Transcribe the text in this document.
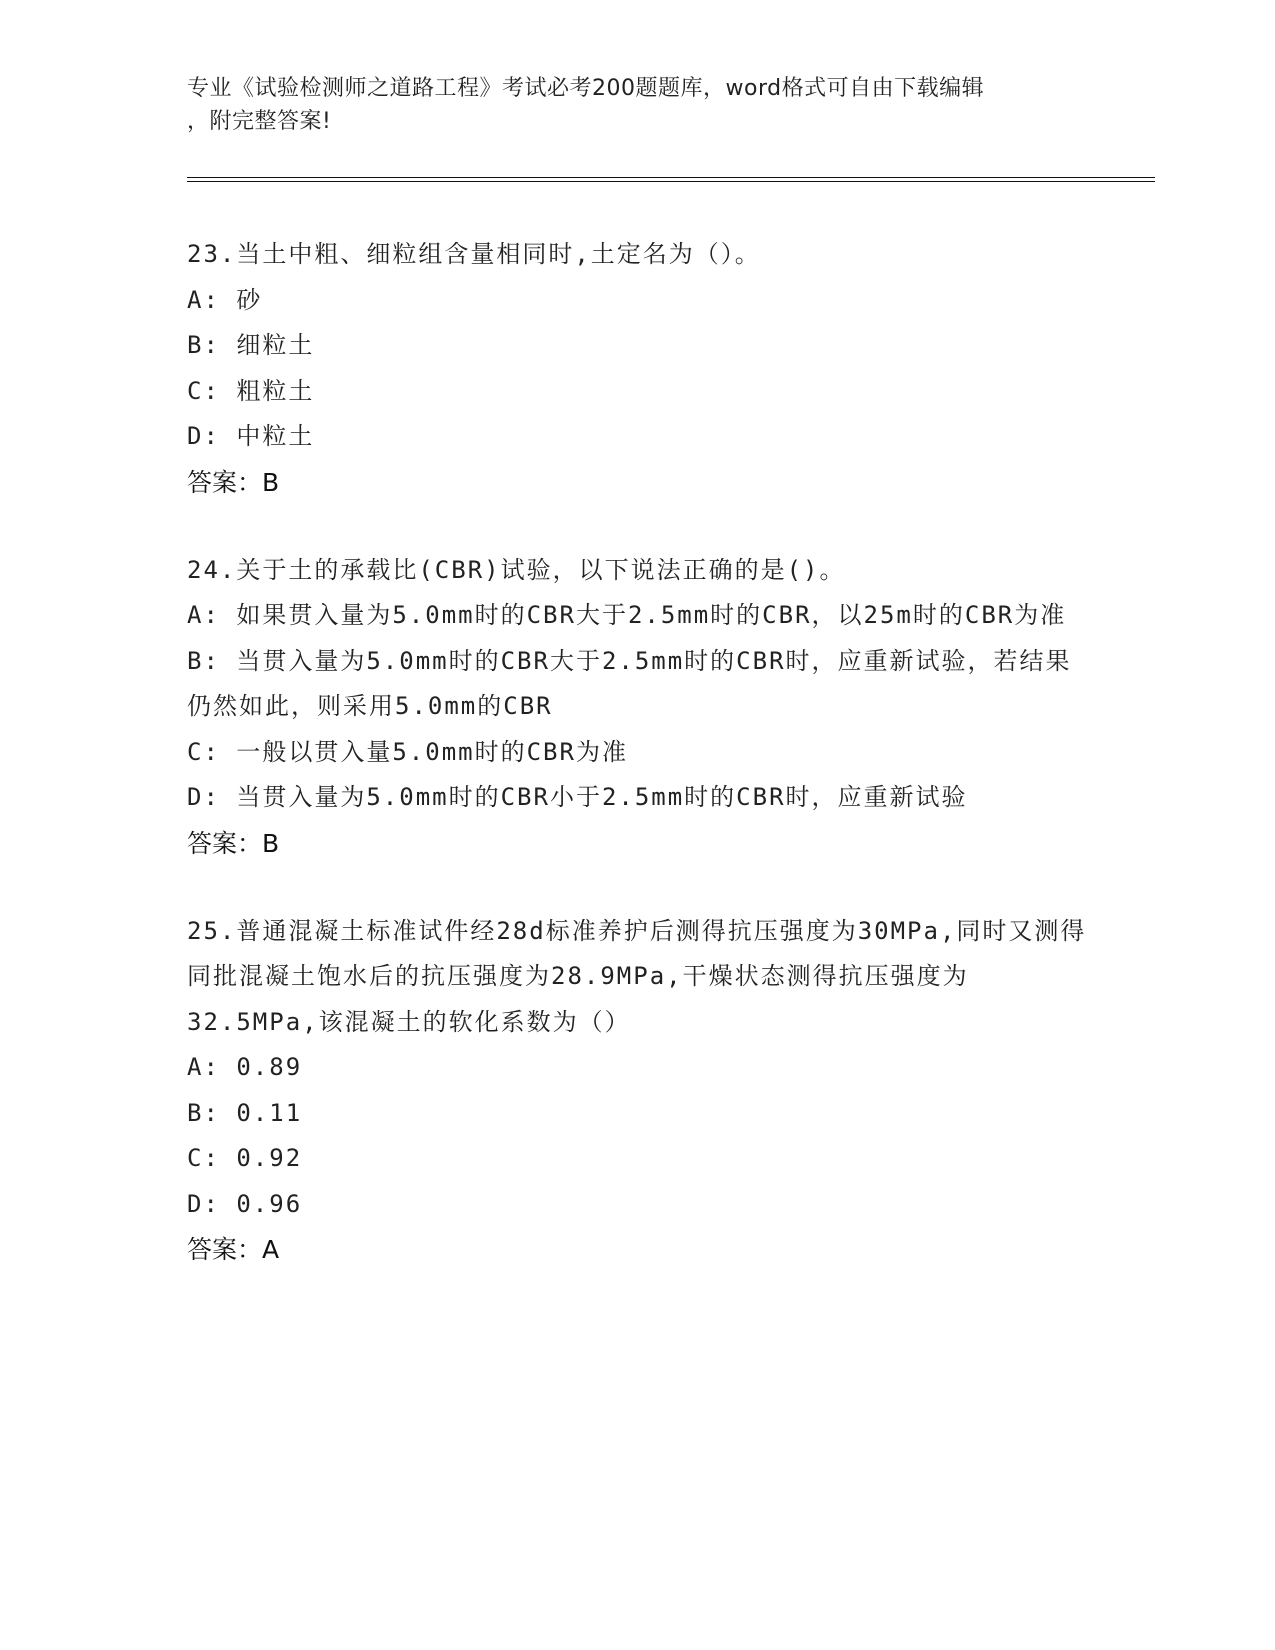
专业《试验检测师之道路工程》考试必考200题题库，word格式可自由下载编辑
，附完整答案!

23.当土中粗、细粒组含量相同时,土定名为（）。

A: 砂

B: 细粒土

C: 粗粒土

D: 中粒土

答案：B

24.关于土的承载比(CBR)试验，以下说法正确的是()。

A: 如果贯入量为5.0mm时的CBR大于2.5mm时的CBR，以25m时的CBR为准

B: 当贯入量为5.0mm时的CBR大于2.5mm时的CBR时，应重新试验，若结果仍然如此，则采用5.0mm的CBR

C: 一般以贯入量5.0mm时的CBR为准

D: 当贯入量为5.0mm时的CBR小于2.5mm时的CBR时，应重新试验

答案：B

25.普通混凝土标准试件经28d标准养护后测得抗压强度为30MPa,同时又测得同批混凝土饱水后的抗压强度为28.9MPa,干燥状态测得抗压强度为32.5MPa,该混凝土的软化系数为（）

A: 0.89

B: 0.11

C: 0.92

D: 0.96

答案：A
